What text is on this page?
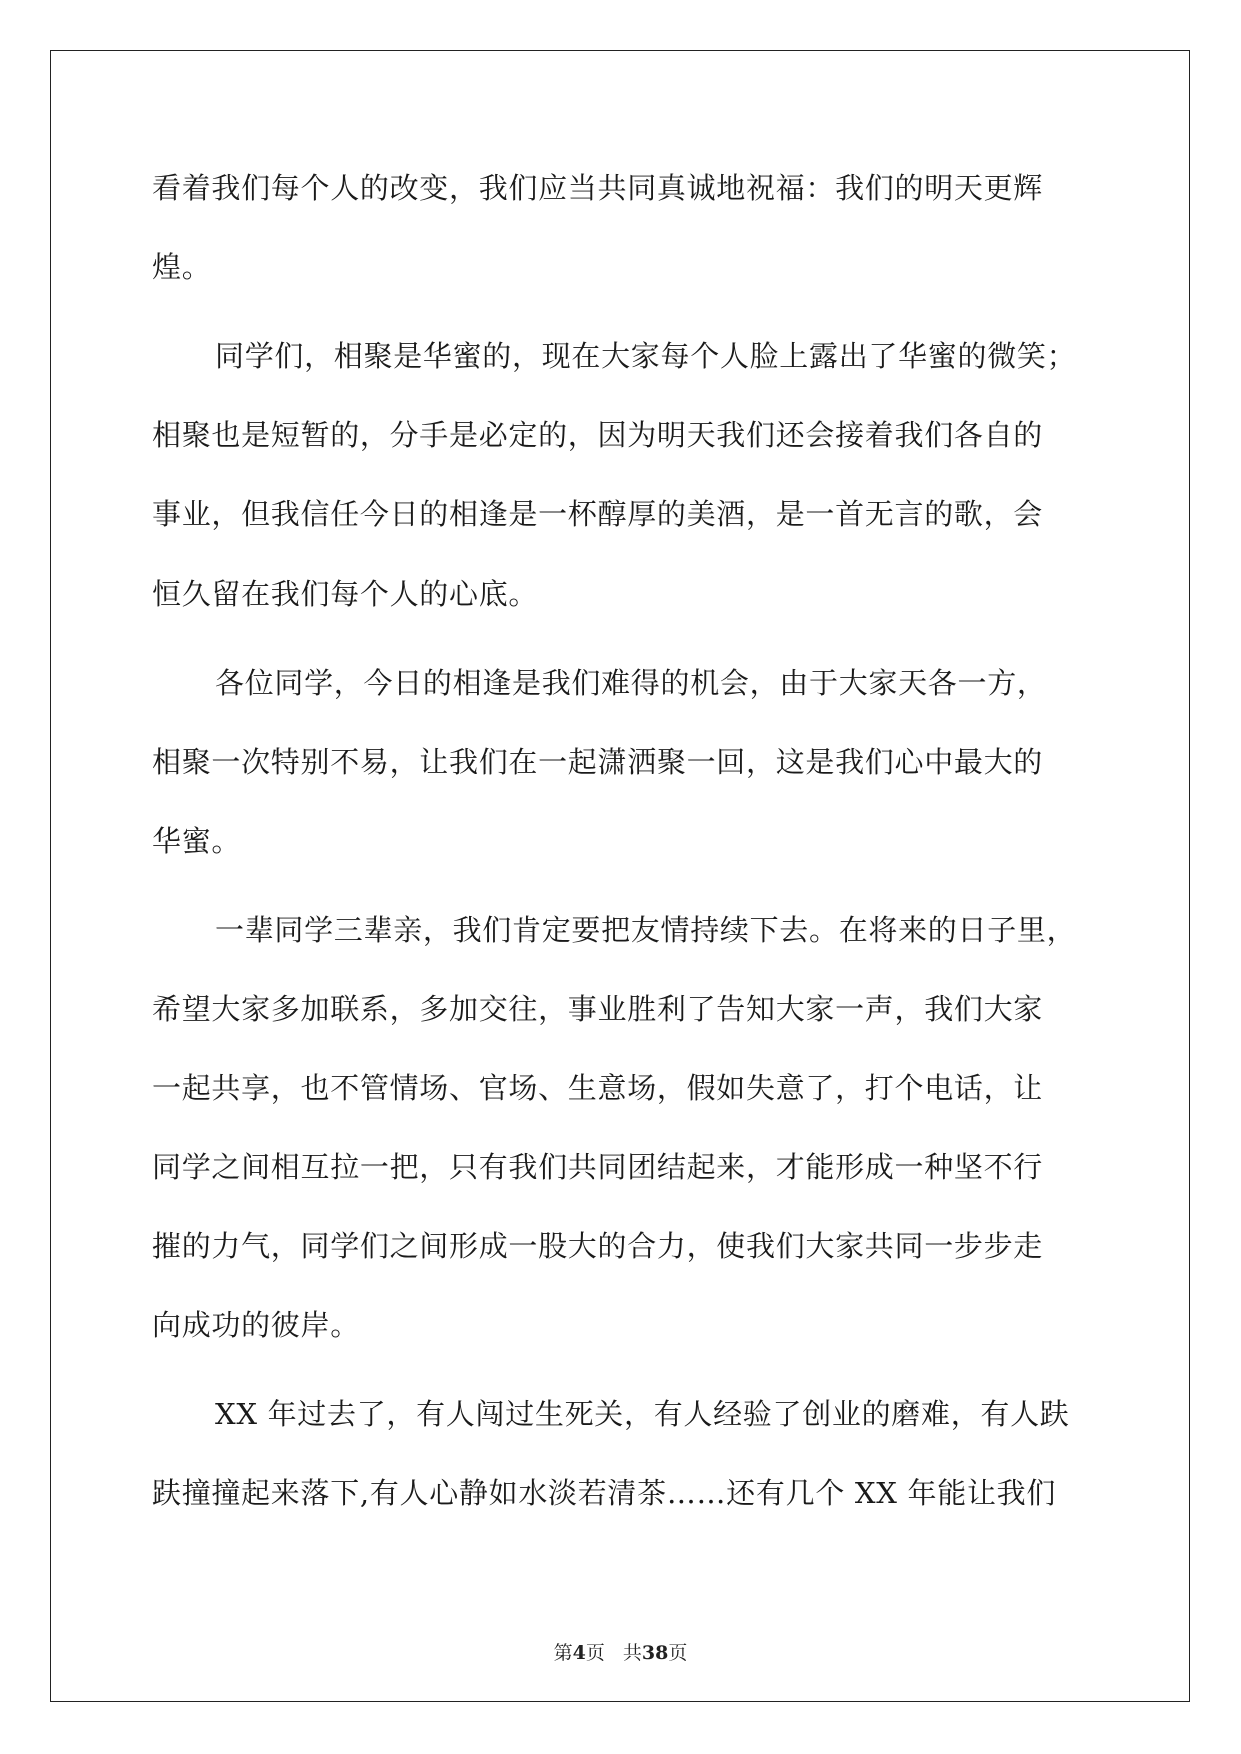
看着我们每个人的改变，我们应当共同真诚地祝福：我们的明天更辉
煌。
同学们，相聚是华蜜的，现在大家每个人脸上露出了华蜜的微笑；
相聚也是短暂的，分手是必定的，因为明天我们还会接着我们各自的
事业，但我信任今日的相逢是一杯醇厚的美酒，是一首无言的歌，会
恒久留在我们每个人的心底。
各位同学，今日的相逢是我们难得的机会，由于大家天各一方，
相聚一次特别不易，让我们在一起潇洒聚一回，这是我们心中最大的
华蜜。
一辈同学三辈亲，我们肯定要把友情持续下去。在将来的日子里，
希望大家多加联系，多加交往，事业胜利了告知大家一声，我们大家
一起共享，也不管情场、官场、生意场，假如失意了，打个电话，让
同学之间相互拉一把，只有我们共同团结起来，才能形成一种坚不行
摧的力气，同学们之间形成一股大的合力，使我们大家共同一步步走
向成功的彼岸。
XX 年过去了，有人闯过生死关，有人经验了创业的磨难，有人趺
趺撞撞起来落下,有人心静如水淡若清茶……还有几个 XX 年能让我们
第4页 共38页
